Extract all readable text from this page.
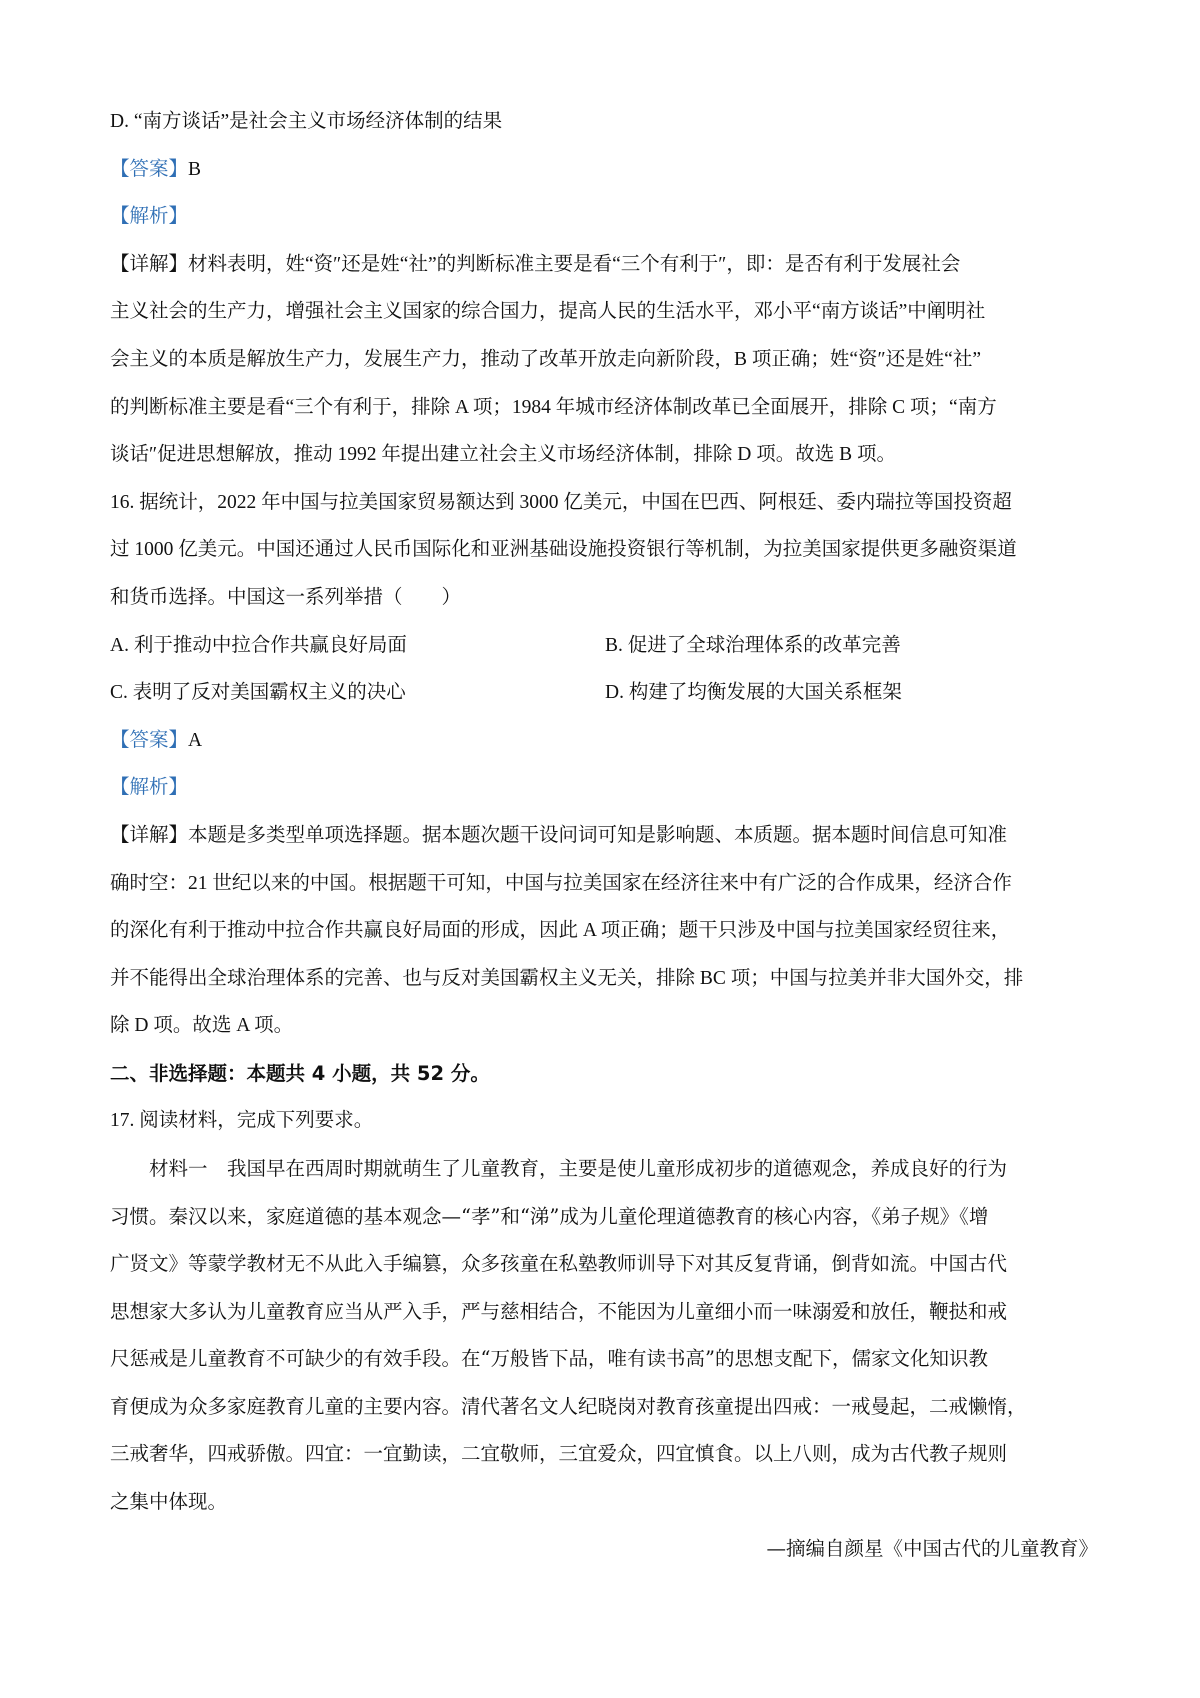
D. “南方谈话”是社会主义市场经济体制的结果
【答案】B
【解析】
【详解】材料表明，姓“资″还是姓“社”的判断标准主要是看“三个有利于″，即：是否有利于发展社会
主义社会的生产力，增强社会主义国家的综合国力，提高人民的生活水平，邓小平“南方谈话”中阐明社
会主义的本质是解放生产力，发展生产力，推动了改革开放走向新阶段，B 项正确；姓“资″还是姓“社”
的判断标准主要是看“三个有利于，排除 A 项；1984 年城市经济体制改革已全面展开，排除 C 项；“南方
谈话″促进思想解放，推动 1992 年提出建立社会主义市场经济体制，排除 D 项。故选 B 项。
16. 据统计，2022 年中国与拉美国家贸易额达到 3000 亿美元，中国在巴西、阿根廷、委内瑞拉等国投资超
过 1000 亿美元。中国还通过人民币国际化和亚洲基础设施投资银行等机制，为拉美国家提供更多融资渠道
和货币选择。中国这一系列举措（　　）
A. 利于推动中拉合作共赢良好局面	B. 促进了全球治理体系的改革完善
C. 表明了反对美国霸权主义的决心	D. 构建了均衡发展的大国关系框架
【答案】A
【解析】
【详解】本题是多类型单项选择题。据本题次题干设问词可知是影响题、本质题。据本题时间信息可知准
确时空：21 世纪以来的中国。根据题干可知，中国与拉美国家在经济往来中有广泛的合作成果，经济合作
的深化有利于推动中拉合作共赢良好局面的形成，因此 A 项正确；题干只涉及中国与拉美国家经贸往来，
并不能得出全球治理体系的完善、也与反对美国霸权主义无关，排除 BC 项；中国与拉美并非大国外交，排
除 D 项。故选 A 项。
二、非选择题：本题共 4 小题，共 52 分。
17. 阅读材料，完成下列要求。
材料一　我国早在西周时期就萌生了儿童教育，主要是使儿童形成初步的道德观念，养成良好的行为
习惯。秦汉以来，家庭道德的基本观念—“孝”和“涕”成为儿童伦理道德教育的核心内容，《弟子规》《增
广贤文》等蒙学教材无不从此入手编篡，众多孩童在私塾教师训导下对其反复背诵，倒背如流。中国古代
思想家大多认为儿童教育应当从严入手，严与慈相结合，不能因为儿童细小而一味溺爱和放任，鞭挞和戒
尺惩戒是儿童教育不可缺少的有效手段。在“万般皆下品，唯有读书高”的思想支配下，儒家文化知识教
育便成为众多家庭教育儿童的主要内容。清代著名文人纪晓岗对教育孩童提出四戒：一戒曼起，二戒懒惰，
三戒奢华，四戒骄傲。四宜：一宜勤读，二宜敬师，三宜爱众，四宜慎食。以上八则，成为古代教子规则
之集中体现。
—摘编自颜星《中国古代的儿童教育》
